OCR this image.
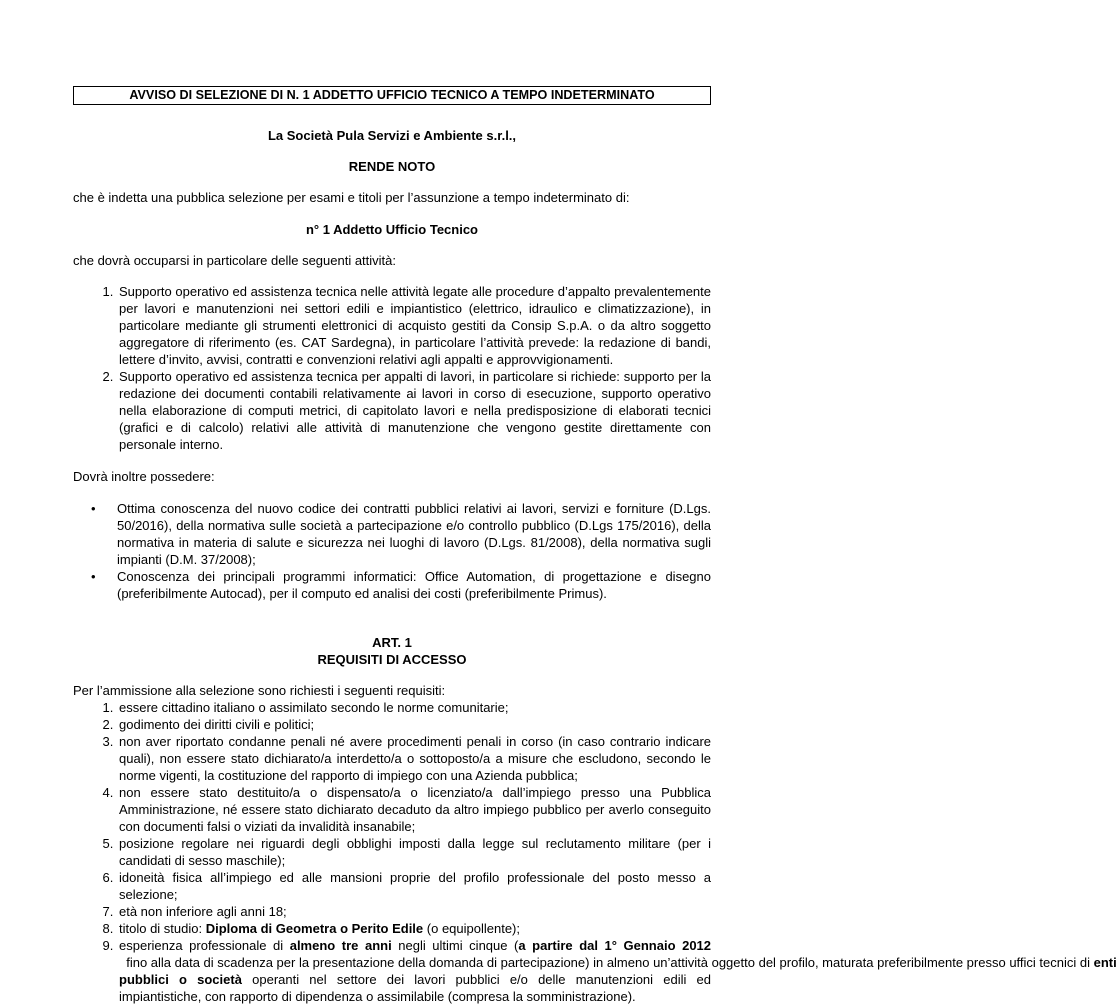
AVVISO DI SELEZIONE DI N. 1 ADDETTO UFFICIO TECNICO A TEMPO INDETERMINATO

La Società Pula Servizi e Ambiente s.r.l.,

RENDE NOTO

che è indetta una pubblica selezione per esami e titoli per l’assunzione a tempo indeterminato di:

n° 1 Addetto Ufficio Tecnico

che dovrà occuparsi in particolare delle seguenti attività:

1. Supporto operativo ed assistenza tecnica nelle attività legate alle procedure d’appalto prevalentemente per lavori e manutenzioni nei settori edili e impiantistico (elettrico, idraulico e climatizzazione), in particolare mediante gli strumenti elettronici di acquisto gestiti da Consip S.p.A. o da altro soggetto aggregatore di riferimento (es. CAT Sardegna), in particolare l’attività prevede: la redazione di bandi, lettere d’invito, avvisi, contratti e convenzioni relativi agli appalti e approvvigionamenti.
2. Supporto operativo ed assistenza tecnica per appalti di lavori, in particolare si richiede: supporto per la redazione dei documenti contabili relativamente ai lavori in corso di esecuzione, supporto operativo nella elaborazione di computi metrici, di capitolato lavori e nella predisposizione di elaborati tecnici (grafici e di calcolo) relativi alle attività di manutenzione che vengono gestite direttamente con personale interno.

Dovrà inoltre possedere:

• Ottima conoscenza del nuovo codice dei contratti pubblici relativi ai lavori, servizi e forniture (D.Lgs. 50/2016), della normativa sulle società a partecipazione e/o controllo pubblico (D.Lgs 175/2016), della normativa in materia di salute e sicurezza nei luoghi di lavoro (D.Lgs. 81/2008), della normativa sugli impianti (D.M. 37/2008);
• Conoscenza dei principali programmi informatici: Office Automation, di progettazione e disegno (preferibilmente Autocad), per il computo ed analisi dei costi (preferibilmente Primus).

ART. 1

REQUISITI DI ACCESSO

Per l’ammissione alla selezione sono richiesti i seguenti requisiti:

1. essere cittadino italiano o assimilato secondo le norme comunitarie;
2. godimento dei diritti civili e politici;
3. non aver riportato condanne penali né avere procedimenti penali in corso (in caso contrario indicare quali), non essere stato dichiarato/a interdetto/a o sottoposto/a a misure che escludono, secondo le norme vigenti, la costituzione del rapporto di impiego con una Azienda pubblica;
4. non essere stato destituito/a o dispensato/a o licenziato/a dall’impiego presso una Pubblica Amministrazione, né essere stato dichiarato decaduto da altro impiego pubblico per averlo conseguito con documenti falsi o viziati da invalidità insanabile;
5. posizione regolare nei riguardi degli obblighi imposti dalla legge sul reclutamento militare (per i candidati di sesso maschile);
6. idoneità fisica all’impiego ed alle mansioni proprie del profilo professionale del posto messo a selezione;
7. età non inferiore agli anni 18;
8. titolo di studio: Diploma di Geometra o Perito Edile (o equipollente);
9. esperienza professionale di almeno tre anni negli ultimi cinque (a partire dal 1° Gennaio 2012  fino alla data di scadenza per la presentazione della domanda di partecipazione) in almeno un’attività oggetto del profilo, maturata preferibilmente presso uffici tecnici di enti pubblici o società operanti nel settore dei lavori pubblici e/o delle manutenzioni edili ed impiantistiche, con rapporto di dipendenza o assimilabile (compresa la somministrazione).
